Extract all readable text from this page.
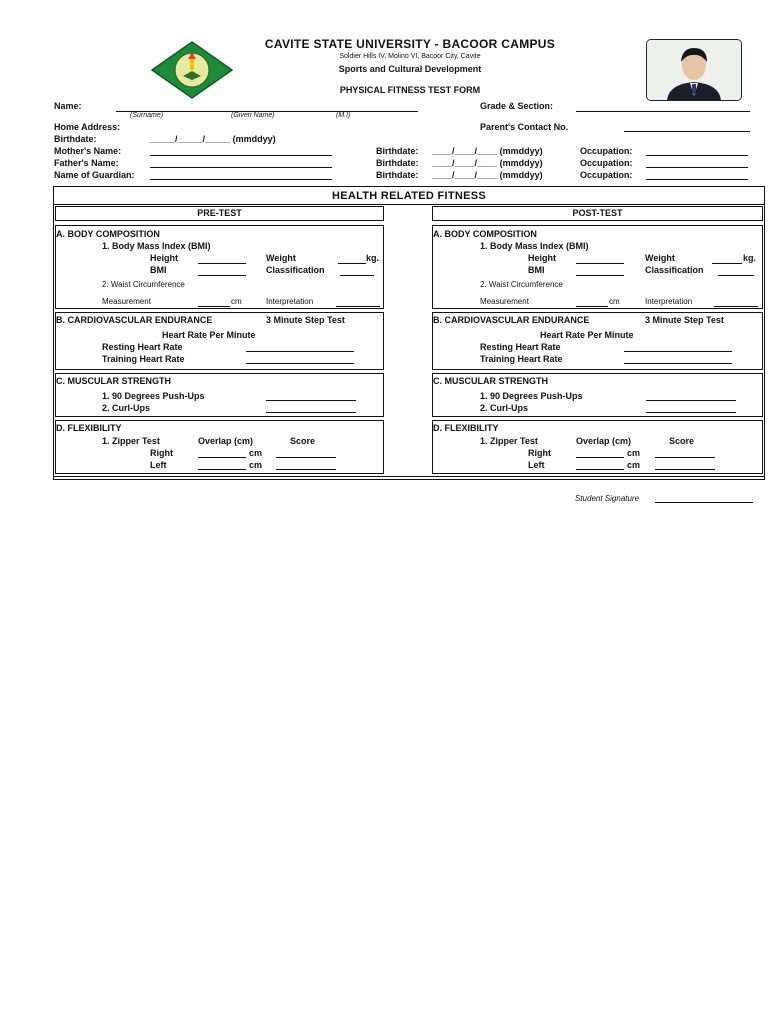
CAVITE STATE UNIVERSITY - BACOOR CAMPUS
Soldier Hills IV, Molino VI, Bacoor City, Cavite
Sports and Cultural Development
PHYSICAL FITNESS TEST FORM
Name:
(Surname)	(Given Name)	(M.I)
Grade & Section:
Home Address:	Parent's Contact No.
Birthdate:	_____/_____/_____ (mmddyy)
Mother's Name:	Birthdate: ____/____/____ (mmddyy)	Occupation:
Father's Name:	Birthdate: ____/____/____ (mmddyy)	Occupation:
Name of Guardian:	Birthdate: ____/____/____ (mmddyy)	Occupation:
HEALTH RELATED FITNESS
PRE-TEST	POST-TEST
A. BODY COMPOSITION
1. Body Mass Index (BMI)
Height	Weight	kg.
BMI	Classification
2. Waist Circumference
Measurement	cm	Interpretation
B. CARDIOVASCULAR ENDURANCE	3 Minute Step Test
Heart Rate Per Minute
Resting Heart Rate
Training Heart Rate
C. MUSCULAR STRENGTH
1. 90 Degrees Push-Ups
2. Curl-Ups
D. FLEXIBILITY
1. Zipper Test	Overlap (cm)	Score
Right	cm
Left	cm
A. BODY COMPOSITION
1. Body Mass Index (BMI)
Height	Weight	kg.
BMI	Classification
2. Waist Circumference
Measurement	cm	Interpretation
B. CARDIOVASCULAR ENDURANCE	3 Minute Step Test
Heart Rate Per Minute
Resting Heart Rate
Training Heart Rate
C. MUSCULAR STRENGTH
1. 90 Degrees Push-Ups
2. Curl-Ups
D. FLEXIBILITY
1. Zipper Test	Overlap (cm)	Score
Right	cm
Left	cm
Student Signature
